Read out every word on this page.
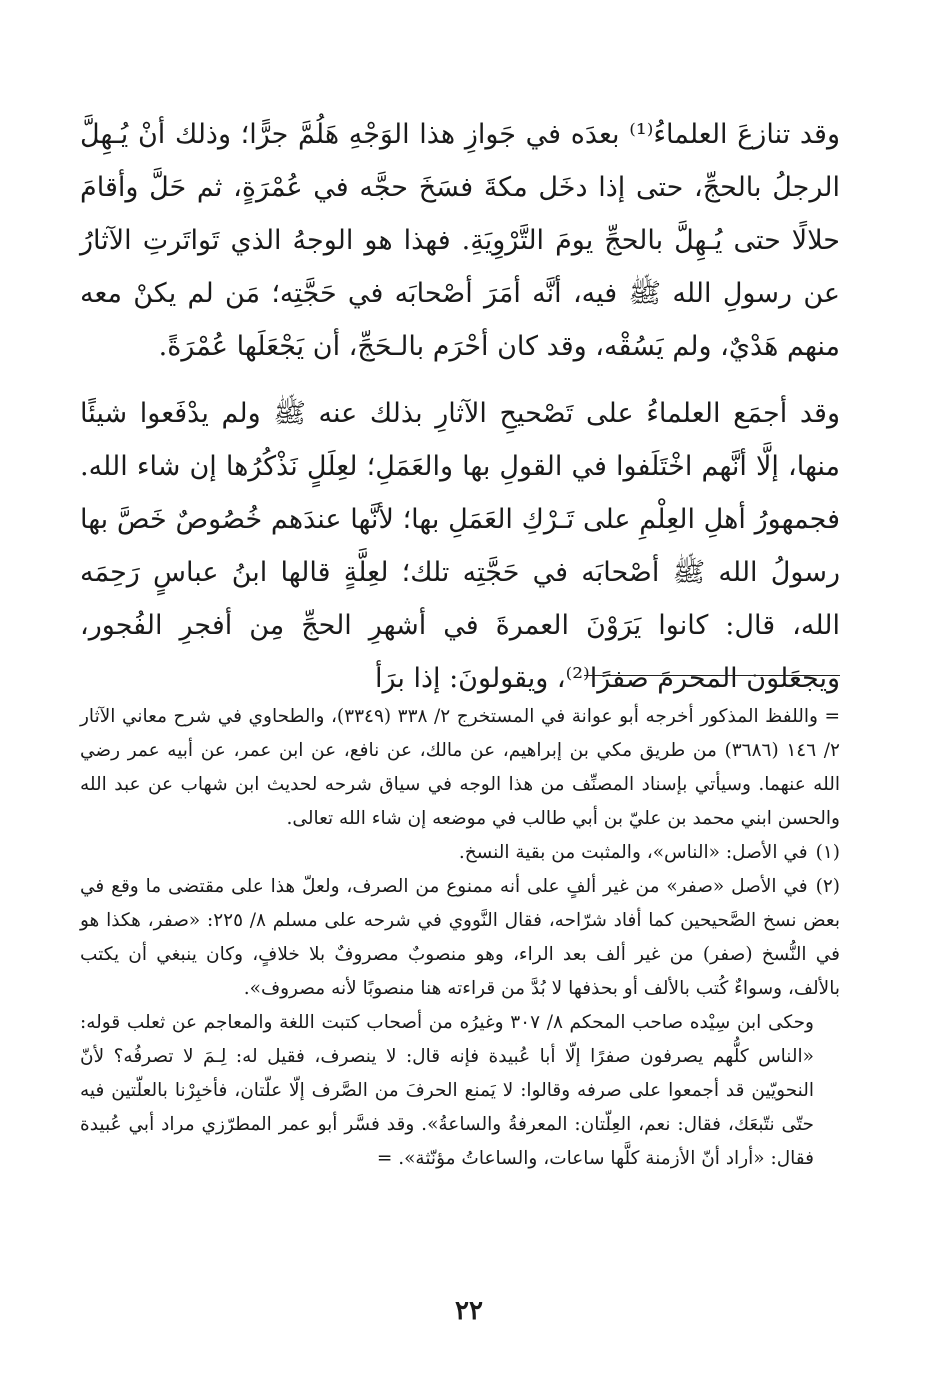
وقد تنازعَ العلماءُ⁽¹⁾ بعدَه في جَوازِ هذا الوَجْهِ هَلُمَّ جرًّا؛ وذلك أنْ يُـهِلَّ الرجلُ بالحجِّ، حتى إذا دخَل مكةَ فسَخَ حجَّه في عُمْرَةٍ، ثم حَلَّ وأقامَ حلالًا حتى يُـهِلَّ بالحجِّ يومَ التَّرْوِيَةِ. فهذا هو الوجهُ الذي تَواتَرتِ الآثارُ عن رسولِ الله ﷺ فيه، أنَّه أمَرَ أصْحابَه في حَجَّتِه؛ مَن لم يكنْ معه منهم هَدْيٌ، ولم يَسُقْه، وقد كان أحْرَم بالـحَجِّ، أن يَجْعَلَها عُمْرَةً.

وقد أجمَع العلماءُ على تَصْحيحِ الآثارِ بذلك عنه ﷺ ولم يدْفَعوا شيئًا منها، إلَّا أنَّهم اخْتَلَفوا في القولِ بها والعَمَلِ؛ لعِلَلٍ نَذْكُرُها إن شاء الله. فجمهورُ أهلِ العِلْمِ على تَـرْكِ العَمَلِ بها؛ لأنَّها عندَهم خُصُوصٌ خَصَّ بها رسولُ الله ﷺ أصْحابَه في حَجَّتِه تلك؛ لعِلَّةٍ قالها ابنُ عباسٍ رَحِمَه الله، قال: كانوا يَرَوْنَ العمرةَ في أشهرِ الحجِّ مِن أفجرِ الفُجور، ويجعَلون المحرمَ صفرًا⁽²⁾، ويقولونَ: إذا برَأ

= واللفظ المذكور أخرجه أبو عوانة في المستخرج ٢/ ٣٣٨ (٣٣٤٩)، والطحاوي في شرح معاني الآثار ٢/ ١٤٦ (٣٦٨٦) من طريق مكي بن إبراهيم، عن مالك، عن نافع، عن ابن عمر، عن أبيه عمر رضي الله عنهما. وسيأتي بإسناد المصنِّف من هذا الوجه في سياق شرحه لحديث ابن شهاب عن عبد الله والحسن ابني محمد بن عليّ بن أبي طالب في موضعه إن شاء الله تعالى.

(١)في الأصل: «الناس»، والمثبت من بقية النسخ.

(٢)في الأصل «صفر» من غير ألفٍ على أنه ممنوع من الصرف، ولعلّ هذا على مقتضى ما وقع في بعض نسخ الصَّحيحين كما أفاد شرّاحه، فقال النَّووي في شرحه على مسلم ٨/ ٢٢٥: «صفر، هكذا هو في النُّسخ (صفر) من غير ألف بعد الراء، وهو منصوبٌ مصروفٌ بلا خلافٍ، وكان ينبغي أن يكتب بالألف، وسواءٌ كُتب بالألف أو بحذفها لا بُدَّ من قراءته هنا منصوبًا لأنه مصروف».

وحكى ابن سِيْده صاحب المحكم ٨/ ٣٠٧ وغيرُه من أصحاب كتبت اللغة والمعاجم عن ثعلب قوله: «الناس كلُّهم يصرفون صفرًا إلّا أبا عُبيدة فإنه قال: لا ينصرف، فقيل له: لِـمَ لا تصرفُه؟ لأنّ النحويّين قد أجمعوا على صرفه وقالوا: لا يَمنع الحرفَ من الصَّرف إلّا علّتان، فأخبِرْنا بالعلّتين فيه حتّى نتّبعَك، فقال: نعم، العِلّتان: المعرفةُ والساعةُ». وقد فسَّر أبو عمر المطرّزي مراد أبي عُبيدة فقال: «أراد أنّ الأزمنة كلَّها ساعات، والساعاتُ مؤنّثة». =

٢٢
